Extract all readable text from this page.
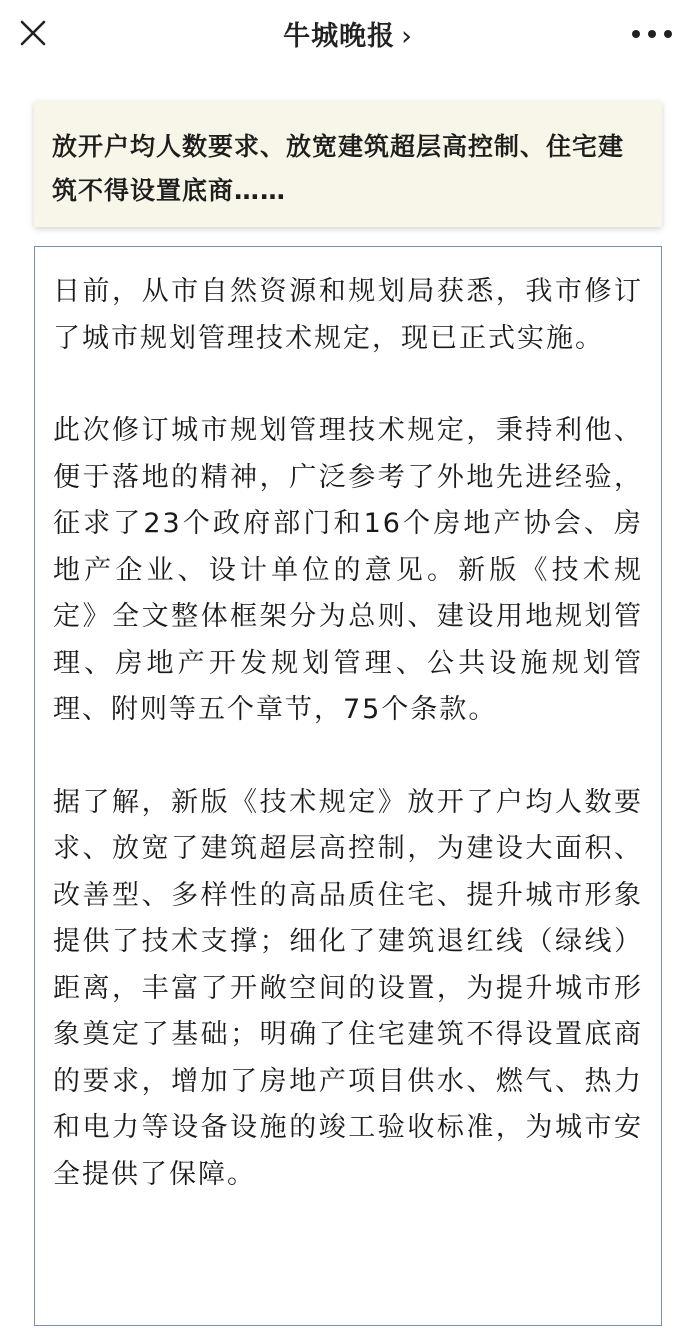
牛城晚报 ›
放开户均人数要求、放宽建筑超层高控制、住宅建筑不得设置底商……

日前，从市自然资源和规划局获悉，我市修订了城市规划管理技术规定，现已正式实施。

此次修订城市规划管理技术规定，秉持利他、便于落地的精神，广泛参考了外地先进经验，征求了23个政府部门和16个房地产协会、房地产企业、设计单位的意见。新版《技术规定》全文整体框架分为总则、建设用地规划管理、房地产开发规划管理、公共设施规划管理、附则等五个章节，75个条款。

据了解，新版《技术规定》放开了户均人数要求、放宽了建筑超层高控制，为建设大面积、改善型、多样性的高品质住宅、提升城市形象提供了技术支撑；细化了建筑退红线（绿线）距离，丰富了开敞空间的设置，为提升城市形象奠定了基础；明确了住宅建筑不得设置底商的要求，增加了房地产项目供水、燃气、热力和电力等设备设施的竣工验收标准，为城市安全提供了保障。
